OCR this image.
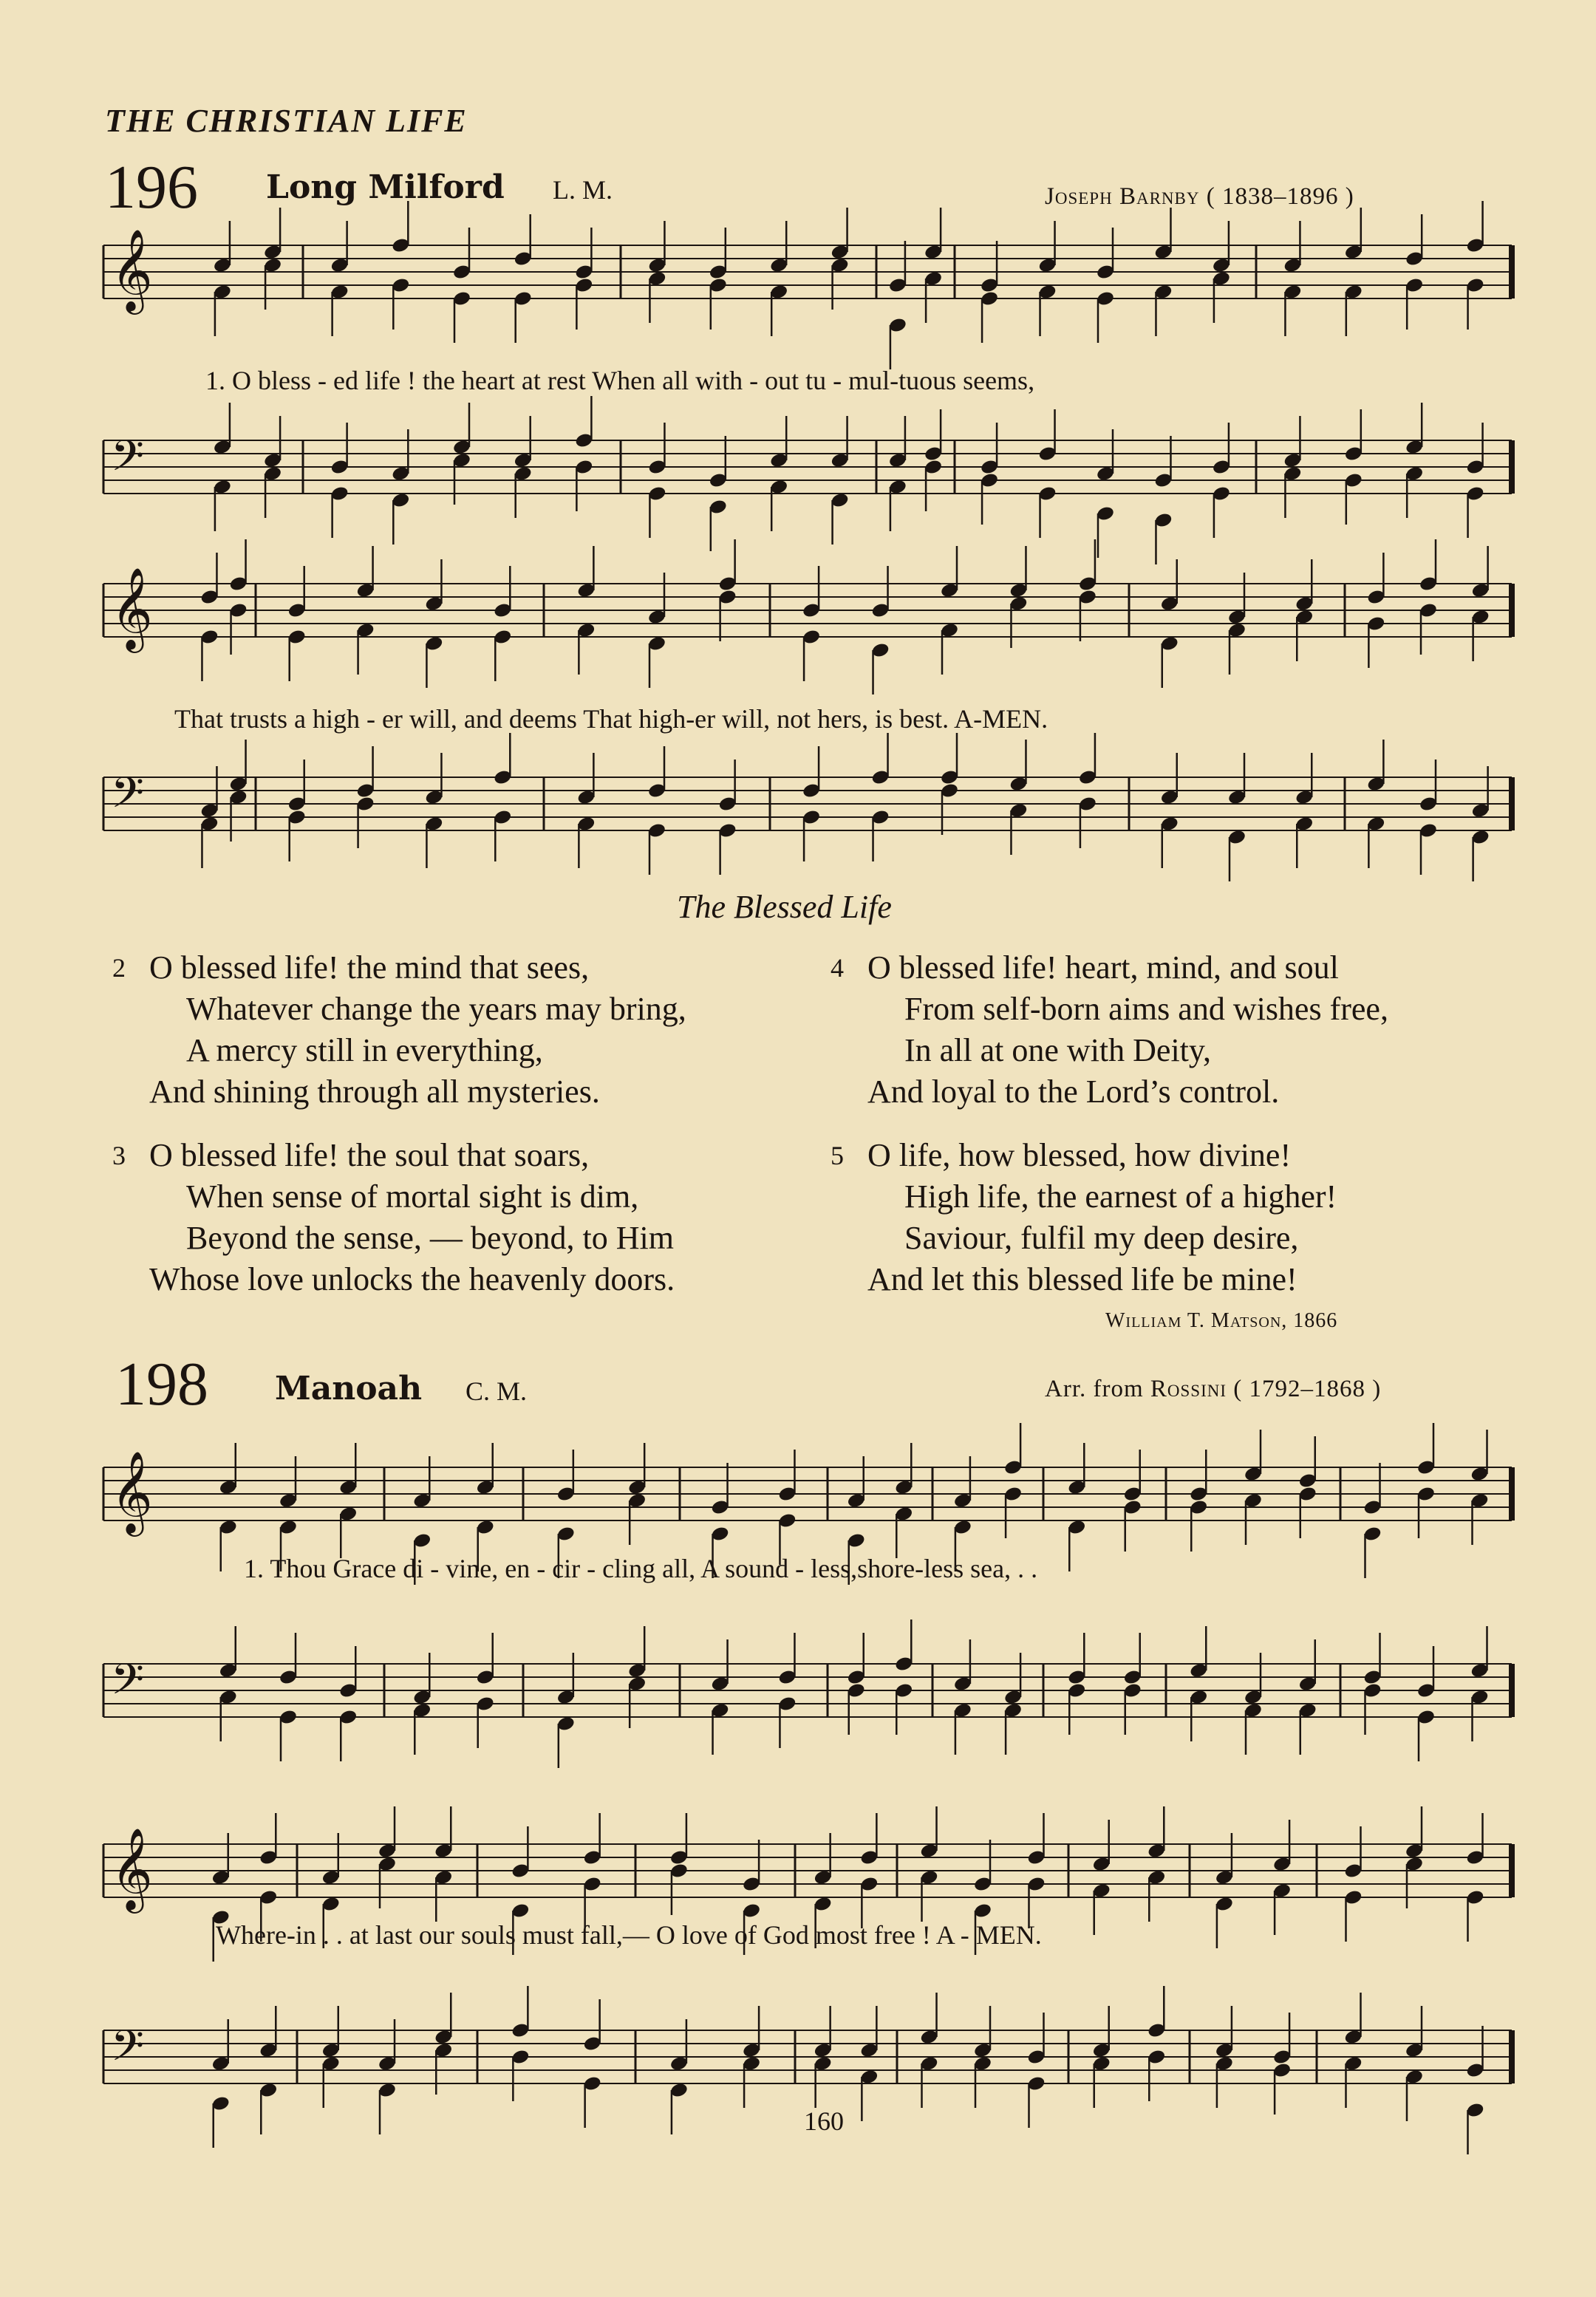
THE CHRISTIAN LIFE
196 Long Milford L. M.	Joseph Barnby ( 1838–1896 )
𝄞
𝄢
𝄞
𝄢
𝄞
𝄢
𝄞
𝄢
1. O bless - ed life ! the heart at rest When all with - out tu - mul-tuous seems,
That trusts a high - er will, and deems That high-er will, not hers, is best. A-MEN.
The Blessed Life
2 O blessed life! the mind that sees,
Whatever change the years may bring,
A mercy still in everything,
And shining through all mysteries.
3 O blessed life! the soul that soars,
When sense of mortal sight is dim,
Beyond the sense, — beyond, to Him
Whose love unlocks the heavenly doors.
4 O blessed life! heart, mind, and soul
From self-born aims and wishes free,
In all at one with Deity,
And loyal to the Lord’s control.
5 O life, how blessed, how divine!
High life, the earnest of a higher!
Saviour, fulfil my deep desire,
And let this blessed life be mine!
William T. Matson, 1866
198 Manoah C. M.	Arr. from Rossini ( 1792–1868 )
1. Thou Grace di - vine, en - cir - cling all, A sound - less,shore-less sea, . .
Where-in . . at last our souls must fall,— O love of God most free ! A - MEN.
160
